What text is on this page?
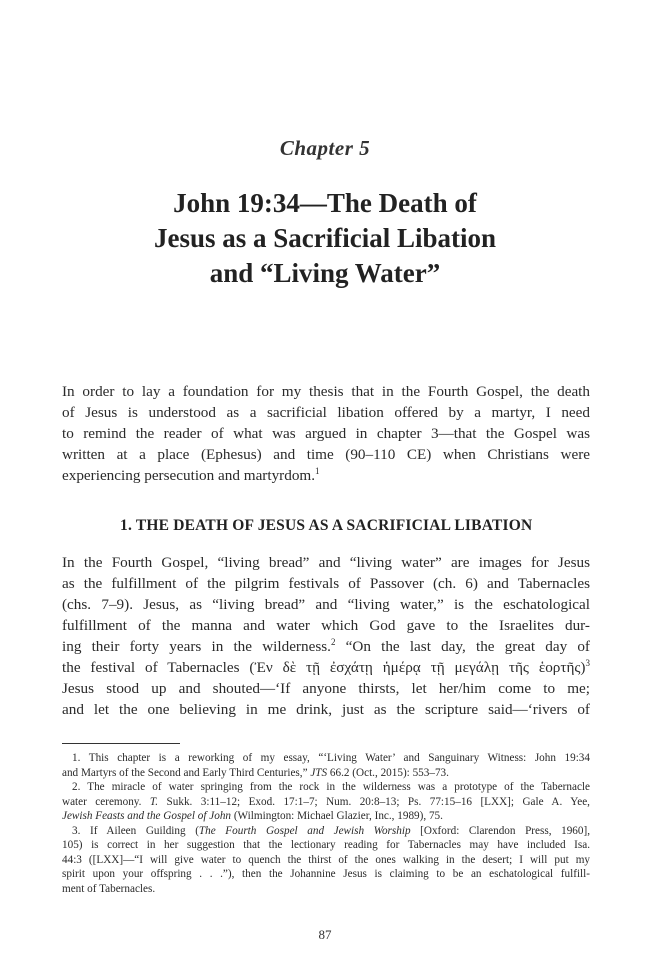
Chapter 5
John 19:34—The Death of
Jesus as a Sacrificial Libation
and “Living Water”
In order to lay a foundation for my thesis that in the Fourth Gospel, the death
of Jesus is understood as a sacrificial libation offered by a martyr, I need
to remind the reader of what was argued in chapter 3—that the Gospel was
written at a place (Ephesus) and time (90–110 CE) when Christians were
experiencing persecution and martyrdom.$^1$
1. THE DEATH OF JESUS AS A SACRIFICIAL LIBATION
In the Fourth Gospel, “living bread” and “living water” are images for Jesus
as the fulfillment of the pilgrim festivals of Passover (ch. 6) and Tabernacles
(chs. 7–9). Jesus, as “living bread” and “living water,” is the eschatological
fulfillment of the manna and water which God gave to the Israelites dur-
ing their forty years in the wilderness.$^2$ “On the last day, the great day of
the festival of Tabernacles (Ἐν δὲ τῇ ἐσχάτῃ ἡμέρᾳ τῇ μεγάλῃ τῆς ἑορτῆς)$^3$
Jesus stood up and shouted—‘If anyone thirsts, let her/him come to me;
and let the one believing in me drink, just as the scripture said—‘rivers of
1. This chapter is a reworking of my essay, “‘Living Water’ and Sanguinary Witness: John 19:34
and Martyrs of the Second and Early Third Centuries,” JTS 66.2 (Oct., 2015): 553–73.
2. The miracle of water springing from the rock in the wilderness was a prototype of the Tabernacle
water ceremony. T. Sukk. 3:11–12; Exod. 17:1–7; Num. 20:8–13; Ps. 77:15–16 [LXX]; Gale A. Yee,
Jewish Feasts and the Gospel of John (Wilmington: Michael Glazier, Inc., 1989), 75.
3. If Aileen Guilding (The Fourth Gospel and Jewish Worship [Oxford: Clarendon Press, 1960],
105) is correct in her suggestion that the lectionary reading for Tabernacles may have included Isa.
44:3 ([LXX]—“I will give water to quench the thirst of the ones walking in the desert; I will put my
spirit upon your offspring . . .”), then the Johannine Jesus is claiming to be an eschatological fulfill-
ment of Tabernacles.
87
